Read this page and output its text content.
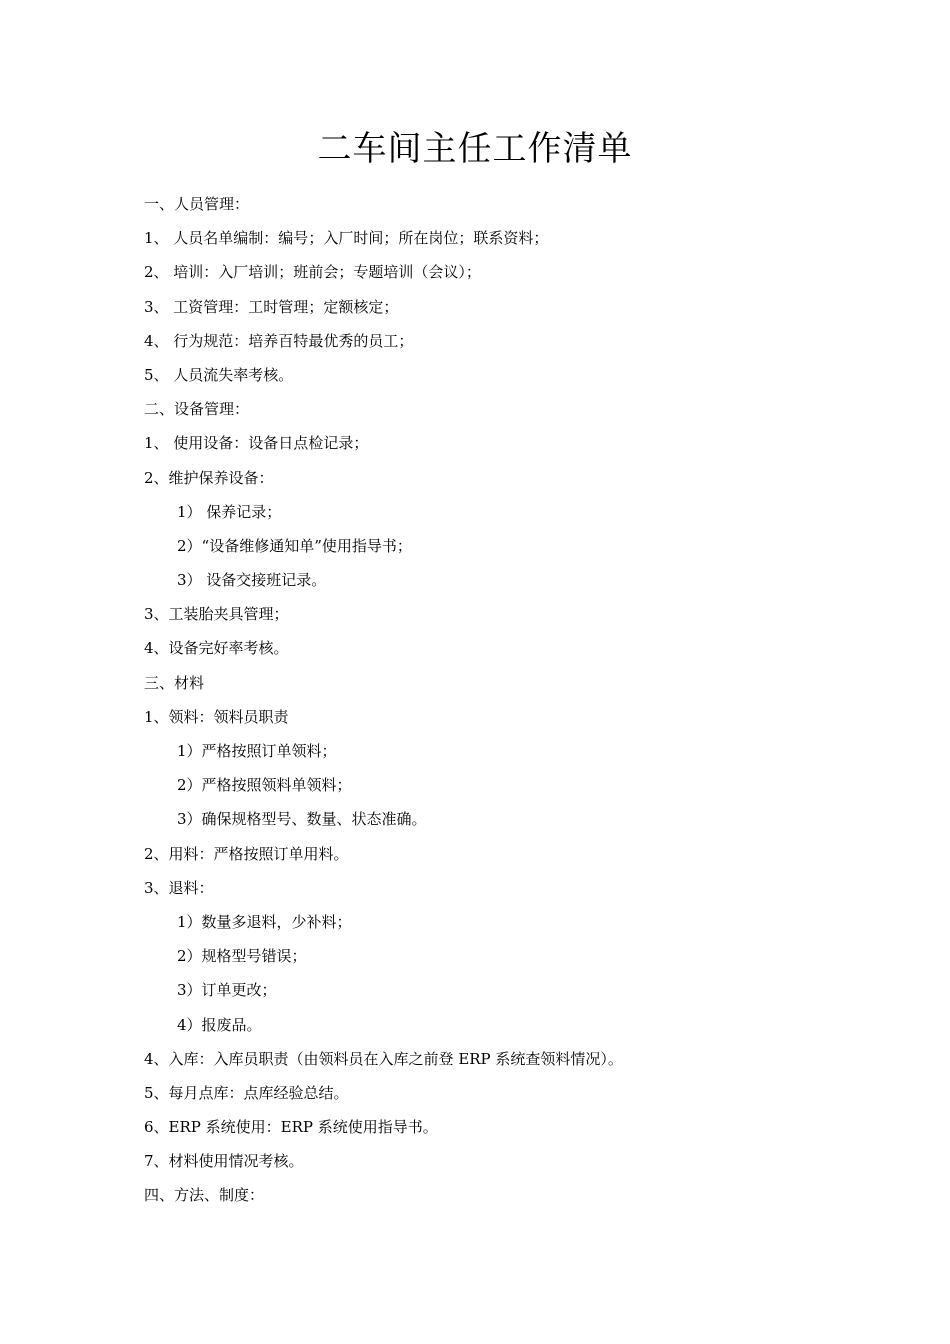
二车间主任工作清单
一、人员管理：
1、 人员名单编制：编号；入厂时间；所在岗位；联系资料；
2、 培训：入厂培训；班前会；专题培训（会议）；
3、 工资管理：工时管理；定额核定；
4、 行为规范：培养百特最优秀的员工；
5、 人员流失率考核。
二、设备管理：
1、 使用设备：设备日点检记录；
2、维护保养设备：
1） 保养记录；
2）“设备维修通知单”使用指导书；
3） 设备交接班记录。
3、工装胎夹具管理；
4、设备完好率考核。
三、材料
1、领料：领料员职责
1）严格按照订单领料；
2）严格按照领料单领料；
3）确保规格型号、数量、状态准确。
2、用料：严格按照订单用料。
3、退料：
1）数量多退料，少补料；
2）规格型号错误；
3）订单更改；
4）报废品。
4、入库：入库员职责（由领料员在入库之前登 ERP 系统查领料情况）。
5、每月点库：点库经验总结。
6、ERP 系统使用：ERP 系统使用指导书。
7、材料使用情况考核。
四、方法、制度：
